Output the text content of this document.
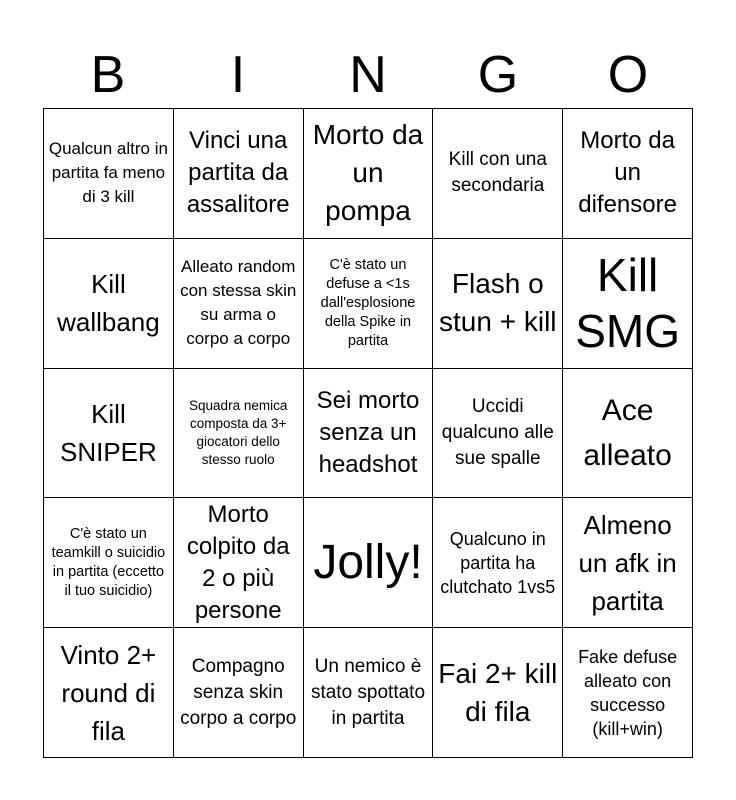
B	I	N	G	O
Qualcun altro in partita fa meno di 3 kill
Vinci una partita da assalitore
Morto da un pompa
Kill con una secondaria
Morto da un difensore
Kill wallbang
Alleato random con stessa skin su arma o corpo a corpo
C'è stato un defuse a <1s dall'esplosione della Spike in partita
Flash o stun + kill
Kill SMG
Kill SNIPER
Squadra nemica composta da 3+ giocatori dello stesso ruolo
Sei morto senza un headshot
Uccidi qualcuno alle sue spalle
Ace alleato
C'è stato un teamkill o suicidio in partita (eccetto il tuo suicidio)
Morto colpito da 2 o più persone
Jolly!	Qualcuno in partita ha clutchato 1vs5
Almeno un afk in partita
Vinto 2+ round di fila
Compagno senza skin corpo a corpo
Un nemico è stato spottato in partita
Fai 2+ kill di fila
Fake defuse alleato con successo (kill+win)
